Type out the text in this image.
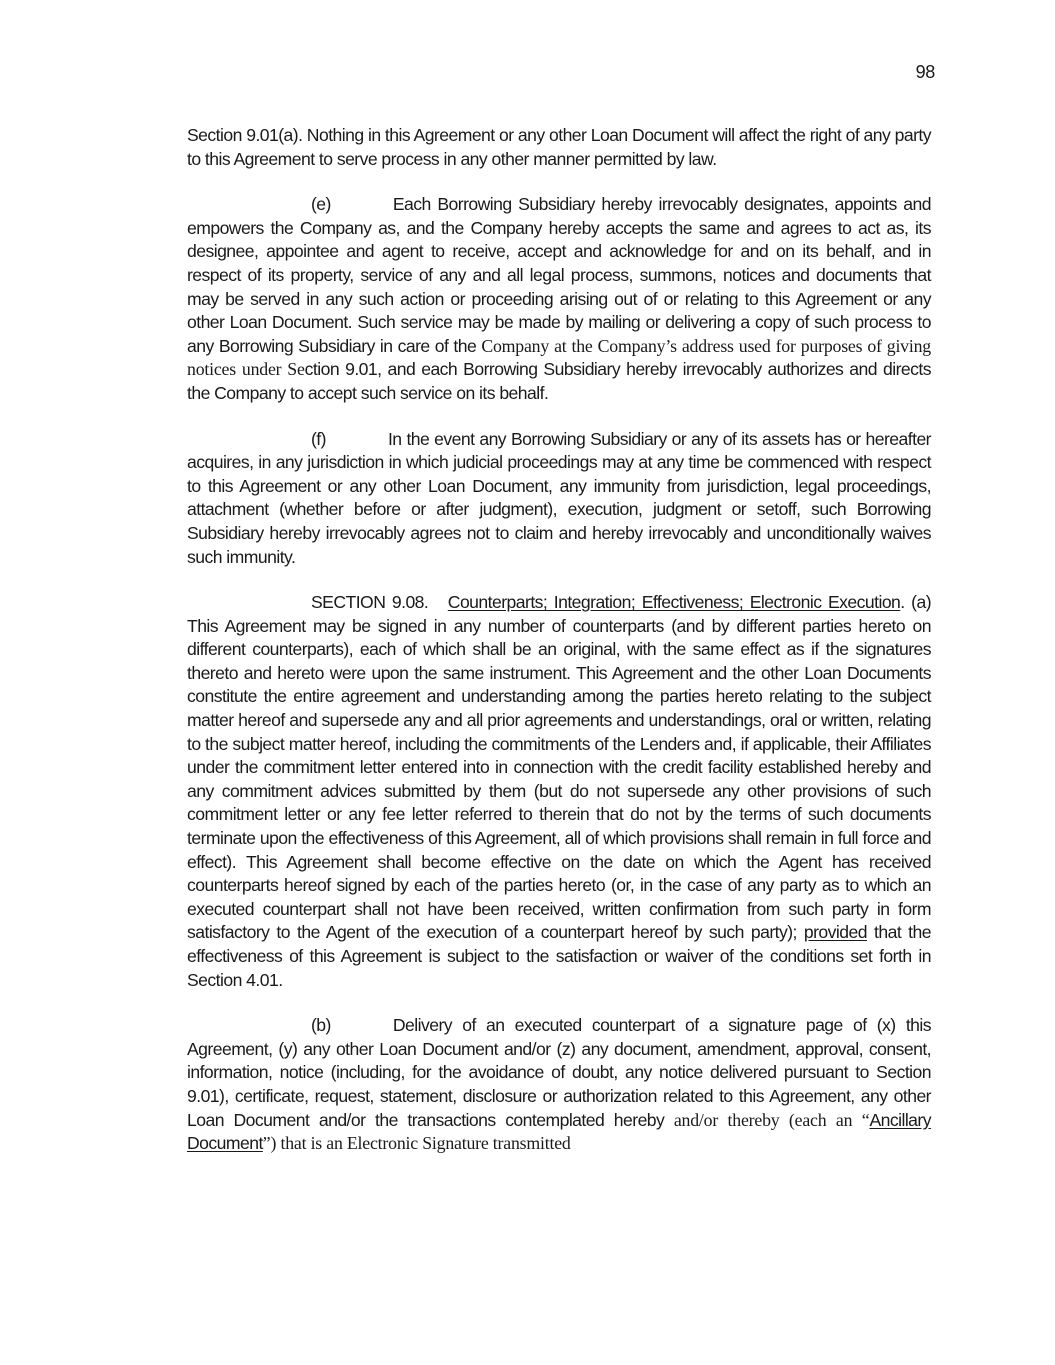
98

Section 9.01(a). Nothing in this Agreement or any other Loan Document will affect the right of any party to this Agreement to serve process in any other manner permitted by law.

(e)	Each Borrowing Subsidiary hereby irrevocably designates, appoints and empowers the Company as, and the Company hereby accepts the same and agrees to act as, its designee, appointee and agent to receive, accept and acknowledge for and on its behalf, and in respect of its property, service of any and all legal process, summons, notices and documents that may be served in any such action or proceeding arising out of or relating to this Agreement or any other Loan Document. Such service may be made by mailing or delivering a copy of such process to any Borrowing Subsidiary in care of the Company at the Company’s address used for purposes of giving notices under Section 9.01, and each Borrowing Subsidiary hereby irrevocably authorizes and directs the Company to accept such service on its behalf.

(f)	In the event any Borrowing Subsidiary or any of its assets has or hereafter acquires, in any jurisdiction in which judicial proceedings may at any time be commenced with respect to this Agreement or any other Loan Document, any immunity from jurisdiction, legal proceedings, attachment (whether before or after judgment), execution, judgment or setoff, such Borrowing Subsidiary hereby irrevocably agrees not to claim and hereby irrevocably and unconditionally waives such immunity.

SECTION 9.08. Counterparts; Integration; Effectiveness; Electronic Execution. (a) This Agreement may be signed in any number of counterparts (and by different parties hereto on different counterparts), each of which shall be an original, with the same effect as if the signatures thereto and hereto were upon the same instrument. This Agreement and the other Loan Documents constitute the entire agreement and understanding among the parties hereto relating to the subject matter hereof and supersede any and all prior agreements and understandings, oral or written, relating to the subject matter hereof, including the commitments of the Lenders and, if applicable, their Affiliates under the commitment letter entered into in connection with the credit facility established hereby and any commitment advices submitted by them (but do not supersede any other provisions of such commitment letter or any fee letter referred to therein that do not by the terms of such documents terminate upon the effectiveness of this Agreement, all of which provisions shall remain in full force and effect). This Agreement shall become effective on the date on which the Agent has received counterparts hereof signed by each of the parties hereto (or, in the case of any party as to which an executed counterpart shall not have been received, written confirmation from such party in form satisfactory to the Agent of the execution of a counterpart hereof by such party); provided that the effectiveness of this Agreement is subject to the satisfaction or waiver of the conditions set forth in Section 4.01.

(b)	Delivery of an executed counterpart of a signature page of (x) this Agreement, (y) any other Loan Document and/or (z) any document, amendment, approval, consent, information, notice (including, for the avoidance of doubt, any notice delivered pursuant to Section 9.01), certificate, request, statement, disclosure or authorization related to this Agreement, any other Loan Document and/or the transactions contemplated hereby and/or thereby (each an “Ancillary Document”) that is an Electronic Signature transmitted
